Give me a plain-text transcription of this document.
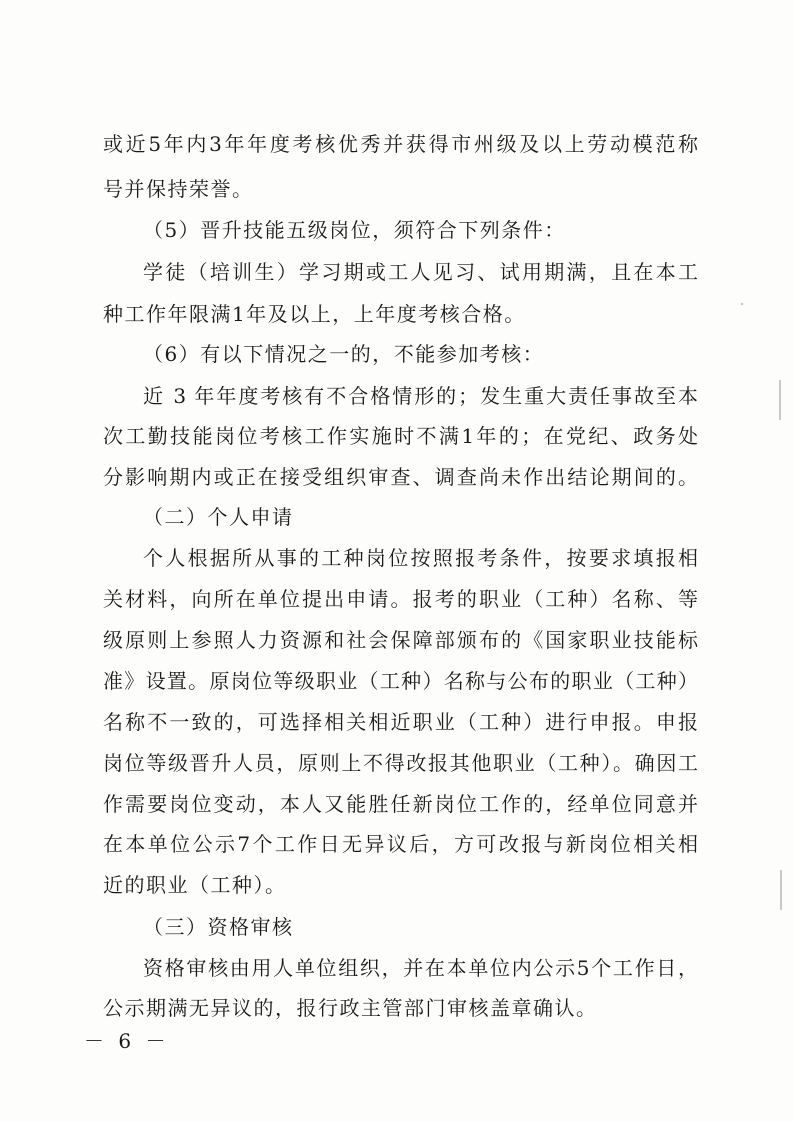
或近5年内3年年度考核优秀并获得市州级及以上劳动模范称
号并保持荣誉。
（5）晋升技能五级岗位，须符合下列条件：
学徒（培训生）学习期或工人见习、试用期满，且在本工
种工作年限满1年及以上，上年度考核合格。
（6）有以下情况之一的，不能参加考核：
近 3 年年度考核有不合格情形的；发生重大责任事故至本
次工勤技能岗位考核工作实施时不满1年的；在党纪、政务处
分影响期内或正在接受组织审查、调查尚未作出结论期间的。
（二）个人申请
个人根据所从事的工种岗位按照报考条件，按要求填报相
关材料，向所在单位提出申请。报考的职业（工种）名称、等
级原则上参照人力资源和社会保障部颁布的《国家职业技能标
准》设置。原岗位等级职业（工种）名称与公布的职业（工种）
名称不一致的，可选择相关相近职业（工种）进行申报。申报
岗位等级晋升人员，原则上不得改报其他职业（工种）。确因工
作需要岗位变动，本人又能胜任新岗位工作的，经单位同意并
在本单位公示7个工作日无异议后，方可改报与新岗位相关相
近的职业（工种）。
（三）资格审核
资格审核由用人单位组织，并在本单位内公示5个工作日，
公示期满无异议的，报行政主管部门审核盖章确认。
－ 6 －
